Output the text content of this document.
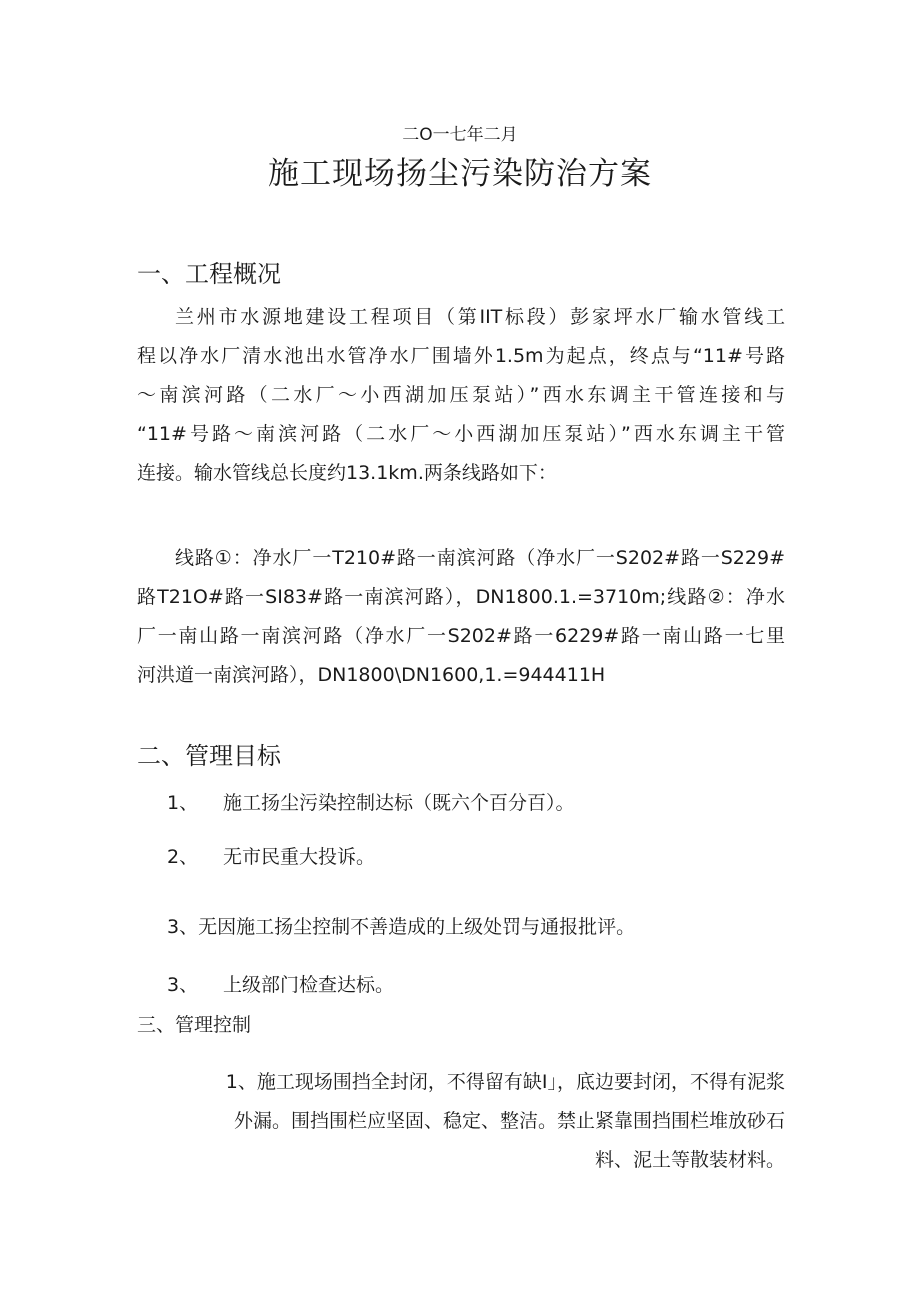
二O一七年二月
施工现场扬尘污染防治方案
一、工程概况
兰州市水源地建设工程项目（第IIT标段）彭家坪水厂输水管线工
程以净水厂清水池出水管净水厂围墙外1.5m为起点，终点与“11#号路
～南滨河路（二水厂～小西湖加压泵站）”西水东调主干管连接和与
“11#号路～南滨河路（二水厂～小西湖加压泵站）”西水东调主干管
连接。输水管线总长度约13.1km.两条线路如下：
线路①：净水厂一T210#路一南滨河路（净水厂一S202#路一S229#
路T21O#路一SI83#路一南滨河路），DN1800.1.=3710m;线路②：净水
厂一南山路一南滨河路（净水厂一S202#路一6229#路一南山路一七里
河洪道一南滨河路），DN1800\DN1600,1.=944411H
二、管理目标
1、 施工扬尘污染控制达标（既六个百分百）。
2、 无市民重大投诉。
3、无因施工扬尘控制不善造成的上级处罚与通报批评。
3、 上级部门检查达标。
三、管理控制
1、施工现场围挡全封闭，不得留有缺I」，底边要封闭，不得有泥浆
外漏。围挡围栏应坚固、稳定、整洁。禁止紧靠围挡围栏堆放砂石
料、泥土等散装材料。
